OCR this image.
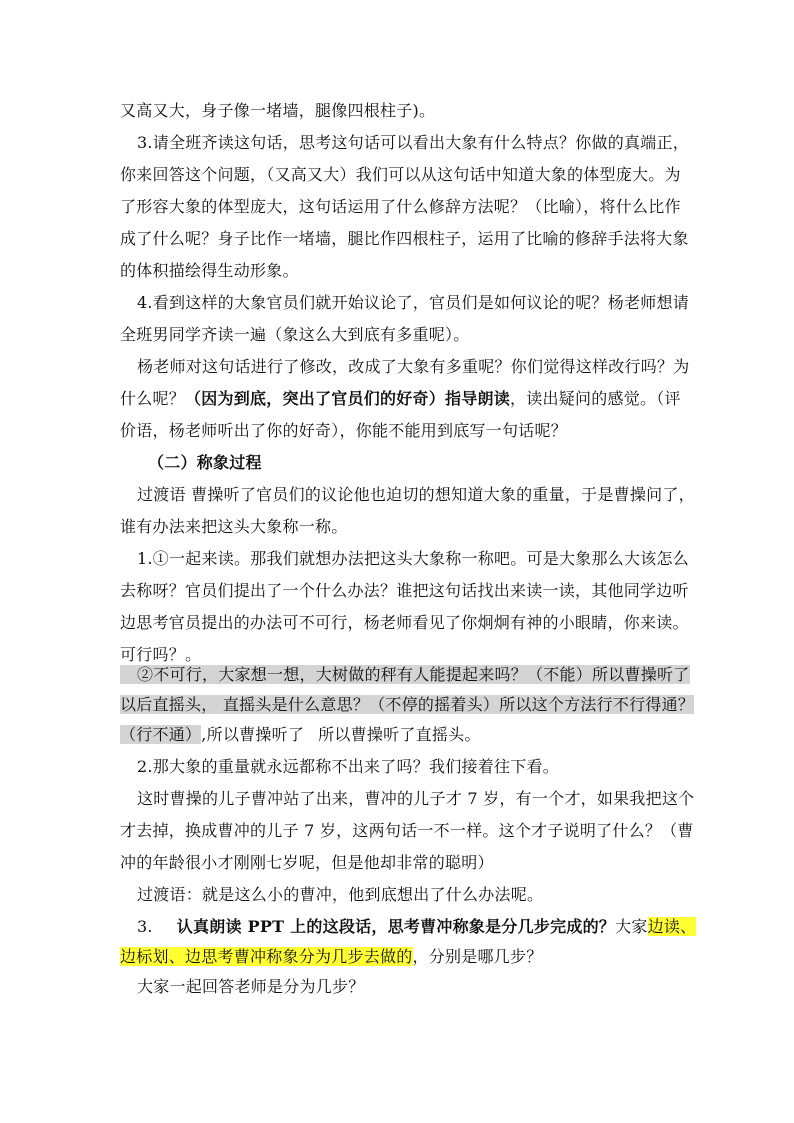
又高又大，身子像一堵墙，腿像四根柱子)。
3.请全班齐读这句话，思考这句话可以看出大象有什么特点？你做的真端正，
你来回答这个问题，（又高又大）我们可以从这句话中知道大象的体型庞大。为
了形容大象的体型庞大，这句话运用了什么修辞方法呢？（比喻），将什么比作
成了什么呢？身子比作一堵墙，腿比作四根柱子，运用了比喻的修辞手法将大象
的体积描绘得生动形象。
4.看到这样的大象官员们就开始议论了，官员们是如何议论的呢？杨老师想请
全班男同学齐读一遍（象这么大到底有多重呢）。
杨老师对这句话进行了修改，改成了大象有多重呢？你们觉得这样改行吗？为
什么呢？（因为到底，突出了官员们的好奇）指导朗读，读出疑问的感觉。（评
价语，杨老师听出了你的好奇），你能不能用到底写一句话呢？
（二）称象过程
过渡语 曹操听了官员们的议论他也迫切的想知道大象的重量，于是曹操问了，
谁有办法来把这头大象称一称。
1.①一起来读。那我们就想办法把这头大象称一称吧。可是大象那么大该怎么
去称呀？官员们提出了一个什么办法？谁把这句话找出来读一读，其他同学边听
边思考官员提出的办法可不可行，杨老师看见了你炯炯有神的小眼睛，你来读。
可行吗？。
②不可行，大家想一想，大树做的秤有人能提起来吗？（不能）所以曹操听了
以后直摇头， 直摇头是什么意思？（不停的摇着头）所以这个方法行不行得通？
（行不通）,所以曹操听了 所以曹操听了直摇头。
2.那大象的重量就永远都称不出来了吗？我们接着往下看。
这时曹操的儿子曹冲站了出来，曹冲的儿子才 7 岁，有一个才，如果我把这个
才去掉，换成曹冲的儿子 7 岁，这两句话一不一样。这个才子说明了什么？（曹
冲的年龄很小才刚刚七岁呢，但是他却非常的聪明）
过渡语：就是这么小的曹冲，他到底想出了什么办法呢。
3. 认真朗读 PPT 上的这段话，思考曹冲称象是分几步完成的？大家边读、
边标划、边思考曹冲称象分为几步去做的，分别是哪几步？
大家一起回答老师是分为几步？
